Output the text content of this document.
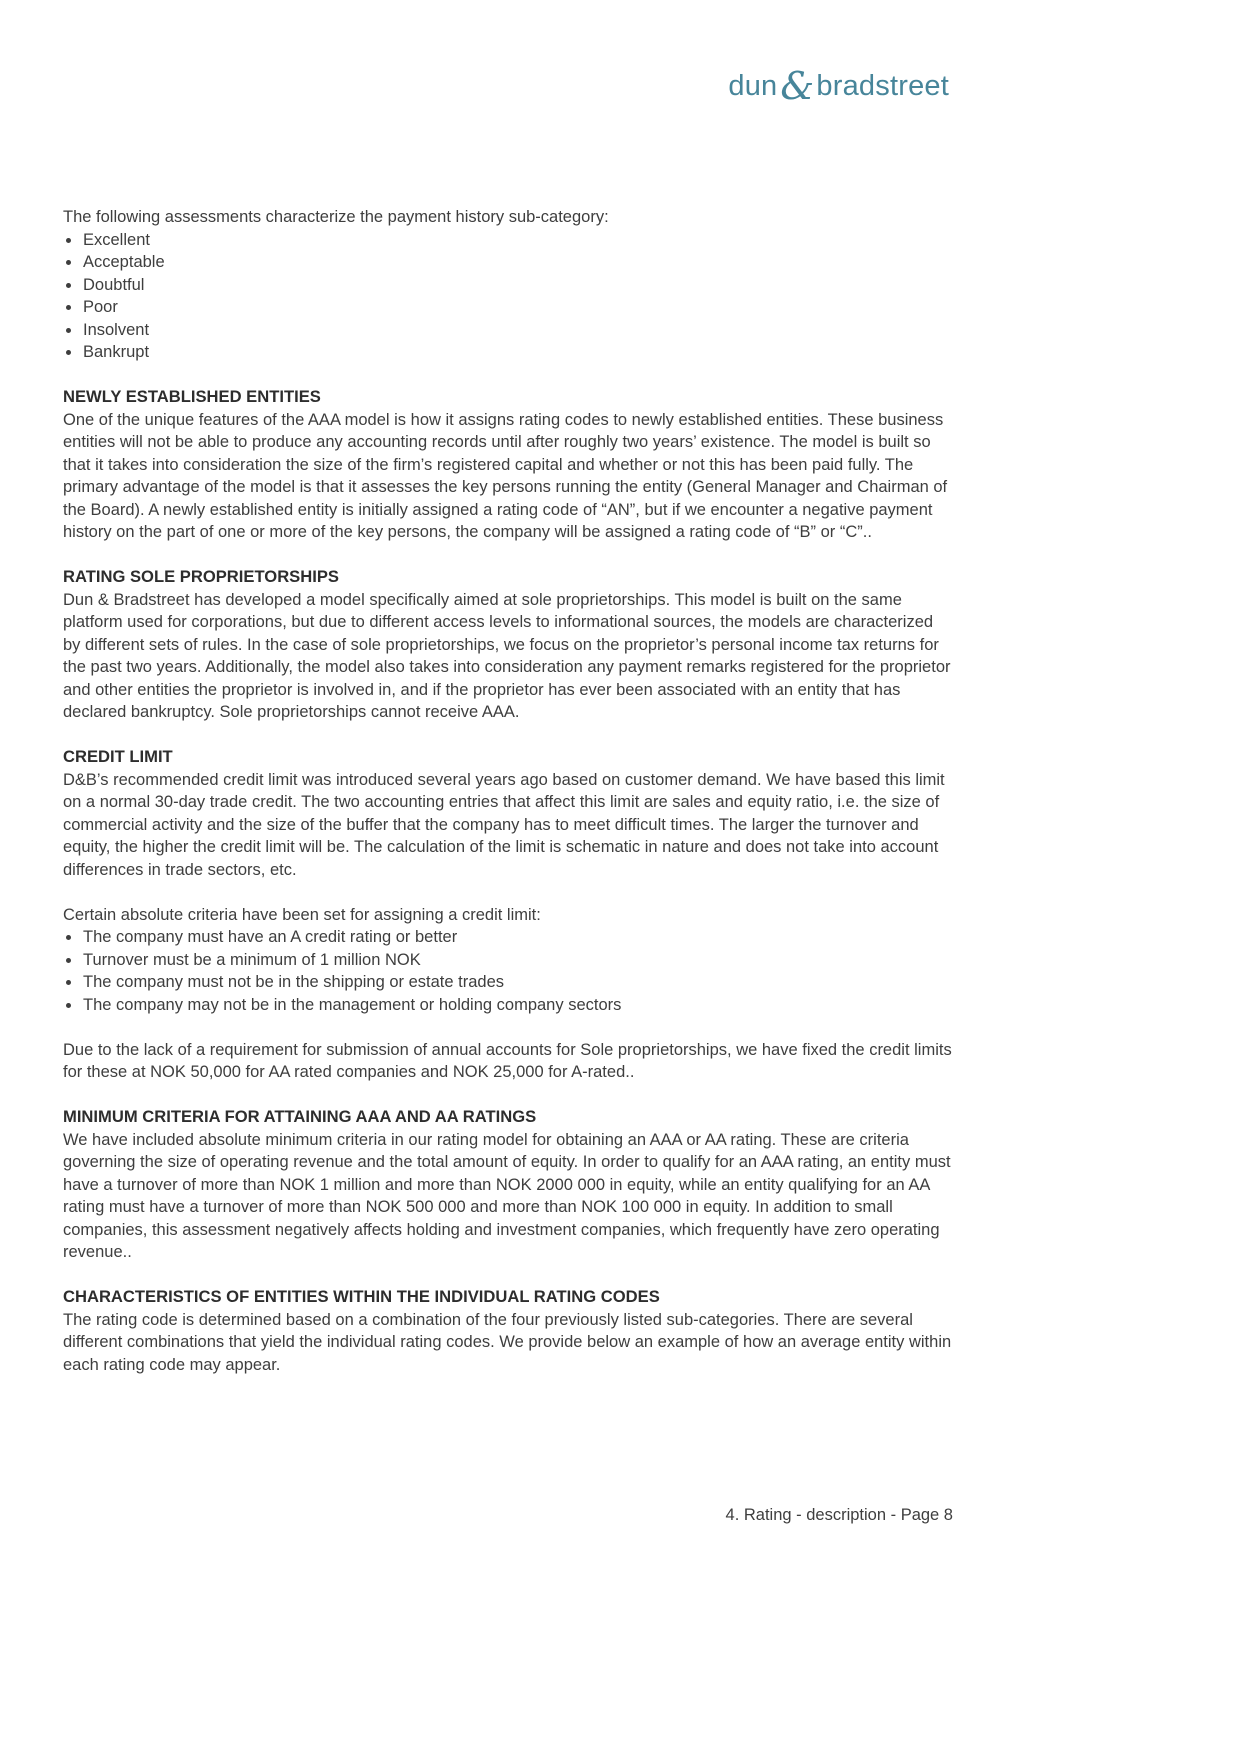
dun&bradstreet

The following assessments characterize the payment history sub-category:

• Excellent
• Acceptable
• Doubtful
• Poor
• Insolvent
• Bankrupt
NEWLY ESTABLISHED ENTITIES

One of the unique features of the AAA model is how it assigns rating codes to newly established entities. These business entities will not be able to produce any accounting records until after roughly two years’ existence. The model is built so that it takes into consideration the size of the firm’s registered capital and whether or not this has been paid fully. The primary advantage of the model is that it assesses the key persons running the entity (General Manager and Chairman of the Board). A newly established entity is initially assigned a rating code of “AN”, but if we encounter a negative payment history on the part of one or more of the key persons, the company will be assigned a rating code of “B” or “C”..

RATING SOLE PROPRIETORSHIPS

Dun & Bradstreet has developed a model specifically aimed at sole proprietorships. This model is built on the same platform used for corporations, but due to different access levels to informational sources, the models are characterized by different sets of rules. In the case of sole proprietorships, we focus on the proprietor’s personal income tax returns for the past two years. Additionally, the model also takes into consideration any payment remarks registered for the proprietor and other entities the proprietor is involved in, and if the proprietor has ever been associated with an entity that has declared bankruptcy. Sole proprietorships cannot receive AAA.

CREDIT LIMIT

D&B’s recommended credit limit was introduced several years ago based on customer demand. We have based this limit on a normal 30-day trade credit. The two accounting entries that affect this limit are sales and equity ratio, i.e. the size of commercial activity and the size of the buffer that the company has to meet difficult times. The larger the turnover and equity, the higher the credit limit will be. The calculation of the limit is schematic in nature and does not take into account differences in trade sectors, etc.

Certain absolute criteria have been set for assigning a credit limit:

• The company must have an A credit rating or better
• Turnover must be a minimum of 1 million NOK
• The company must not be in the shipping or estate trades
• The company may not be in the management or holding company sectors

Due to the lack of a requirement for submission of annual accounts for Sole proprietorships, we have fixed the credit limits for these at NOK 50,000 for AA rated companies and NOK 25,000 for A-rated..

MINIMUM CRITERIA FOR ATTAINING AAA AND AA RATINGS

We have included absolute minimum criteria in our rating model for obtaining an AAA or AA rating. These are criteria governing the size of operating revenue and the total amount of equity. In order to qualify for an AAA rating, an entity must have a turnover of more than NOK 1 million and more than NOK 2000 000 in equity, while an entity qualifying for an AA rating must have a turnover of more than NOK 500 000 and more than NOK 100 000 in equity. In addition to small companies, this assessment negatively affects holding and investment companies, which frequently have zero operating revenue..

CHARACTERISTICS OF ENTITIES WITHIN THE INDIVIDUAL RATING CODES

The rating code is determined based on a combination of the four previously listed sub-categories. There are several different combinations that yield the individual rating codes. We provide below an example of how an average entity within each rating code may appear.

4. Rating - description - Page 8
